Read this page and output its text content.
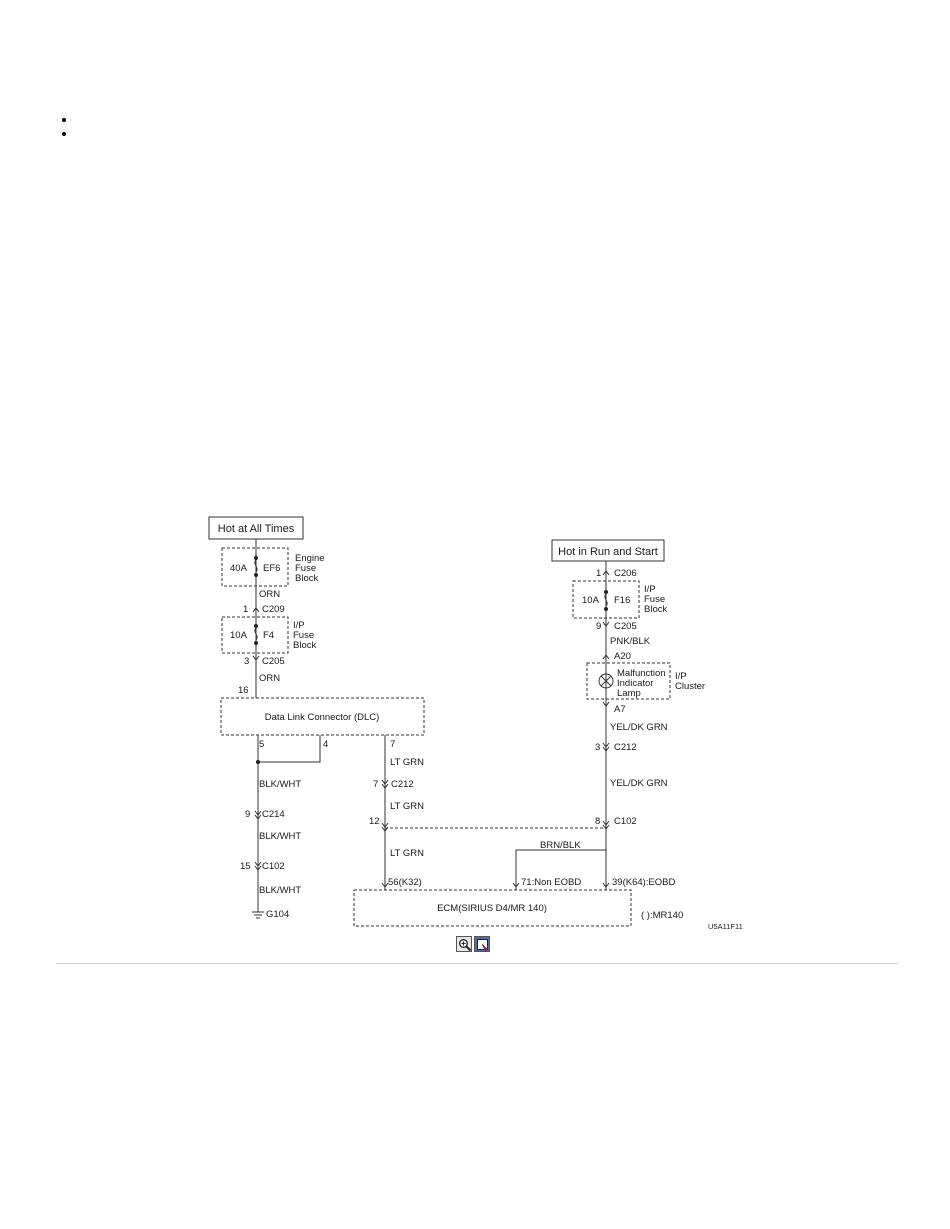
Hot at All Times
Hot in Run and Start
40A EF6
Engine
Fuse
Block
ORN
1 C209
10A F4
I/P
Fuse
Block
3 C205
ORN
16
Data Link Connector (DLC)
5	4	7
BLK/WHT
LT GRN
7 C212
LT GRN
12
LT GRN
9 C214
BLK/WHT
15 C102
BLK/WHT
G104
1 C206
10A F16
I/P
Fuse
Block
9 C205
PNK/BLK
A20
Malfunction
Indicator
Lamp
I/P
Cluster
A7
YEL/DK GRN
3 C212
YEL/DK GRN
8 C102
BRN/BLK
56(K32)	71:Non EOBD	39(K64):EOBD
ECM(SIRIUS D4/MR 140)
( ):MR140
U5A11F11
